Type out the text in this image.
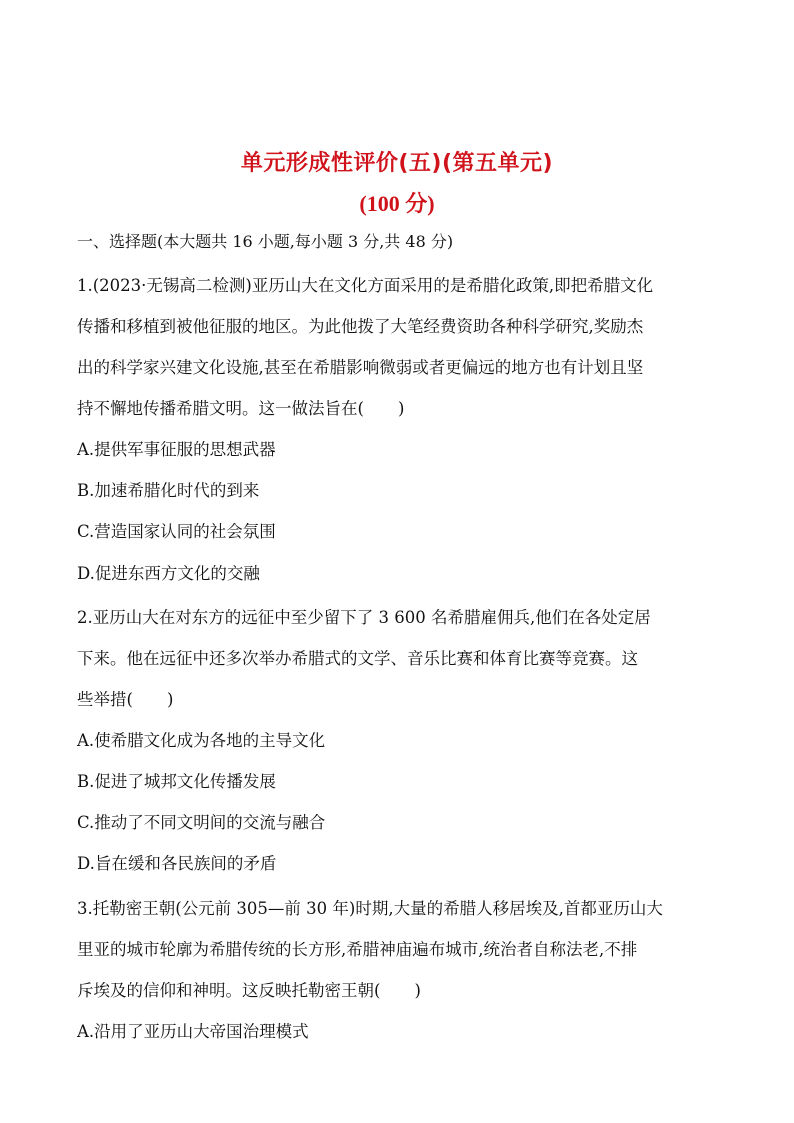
单元形成性评价(五)(第五单元)
(100 分)
一、选择题(本大题共 16 小题,每小题 3 分,共 48 分)
1.(2023·无锡高二检测)亚历山大在文化方面采用的是希腊化政策,即把希腊文化
传播和移植到被他征服的地区。为此他拨了大笔经费资助各种科学研究,奖励杰
出的科学家兴建文化设施,甚至在希腊影响微弱或者更偏远的地方也有计划且坚
持不懈地传播希腊文明。这一做法旨在( )
A.提供军事征服的思想武器
B.加速希腊化时代的到来
C.营造国家认同的社会氛围
D.促进东西方文化的交融
2.亚历山大在对东方的远征中至少留下了 3 600 名希腊雇佣兵,他们在各处定居
下来。他在远征中还多次举办希腊式的文学、音乐比赛和体育比赛等竞赛。这
些举措( )
A.使希腊文化成为各地的主导文化
B.促进了城邦文化传播发展
C.推动了不同文明间的交流与融合
D.旨在缓和各民族间的矛盾
3.托勒密王朝(公元前 305—前 30 年)时期,大量的希腊人移居埃及,首都亚历山大
里亚的城市轮廓为希腊传统的长方形,希腊神庙遍布城市,统治者自称法老,不排
斥埃及的信仰和神明。这反映托勒密王朝( )
A.沿用了亚历山大帝国治理模式
